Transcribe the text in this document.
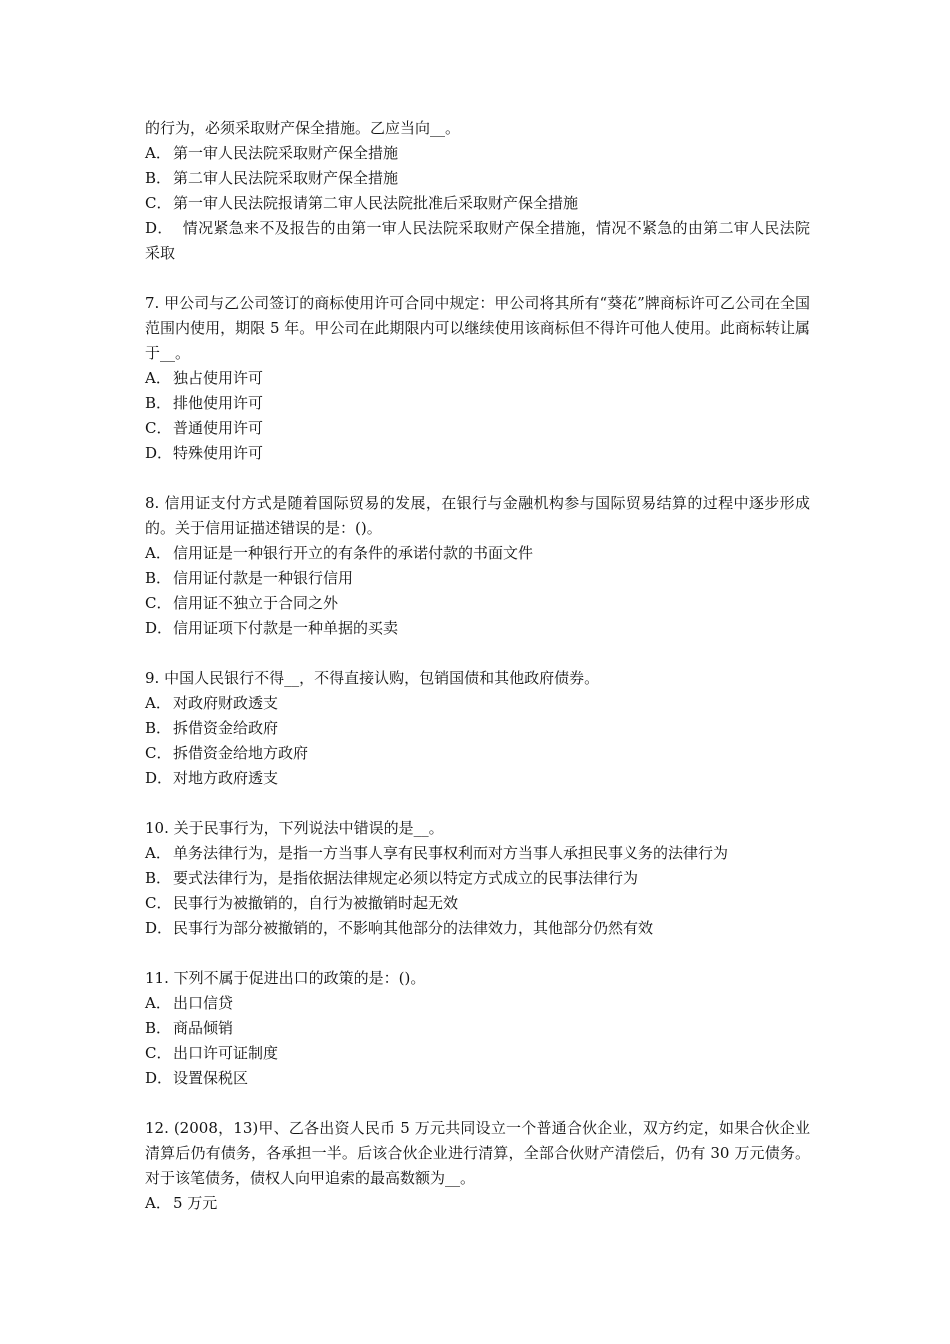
的行为，必须采取财产保全措施。乙应当向__。

A． 第一审人民法院采取财产保全措施

B． 第二审人民法院采取财产保全措施

C． 第一审人民法院报请第二审人民法院批准后采取财产保全措施

D． 情况紧急来不及报告的由第一审人民法院采取财产保全措施，情况不紧急的由第二审人民法院采取

7. 甲公司与乙公司签订的商标使用许可合同中规定：甲公司将其所有“葵花”牌商标许可乙公司在全国范围内使用，期限 5 年。甲公司在此期限内可以继续使用该商标但不得许可他人使用。此商标转让属于__。

A． 独占使用许可

B． 排他使用许可

C． 普通使用许可

D．特殊使用许可

8. 信用证支付方式是随着国际贸易的发展，在银行与金融机构参与国际贸易结算的过程中逐步形成的。关于信用证描述错误的是：()。

A． 信用证是一种银行开立的有条件的承诺付款的书面文件

B． 信用证付款是一种银行信用

C． 信用证不独立于合同之外

D．信用证项下付款是一种单据的买卖

9. 中国人民银行不得__，不得直接认购，包销国债和其他政府债券。

A． 对政府财政透支

B． 拆借资金给政府

C． 拆借资金给地方政府

D．对地方政府透支

10. 关于民事行为，下列说法中错误的是__。

A． 单务法律行为，是指一方当事人享有民事权利而对方当事人承担民事义务的法律行为

B． 要式法律行为，是指依据法律规定必须以特定方式成立的民事法律行为

C． 民事行为被撤销的，自行为被撤销时起无效

D．民事行为部分被撤销的，不影响其他部分的法律效力，其他部分仍然有效

11. 下列不属于促进出口的政策的是：()。

A． 出口信贷

B． 商品倾销

C． 出口许可证制度

D．设置保税区

12. (2008，13)甲、乙各出资人民币 5 万元共同设立一个普通合伙企业，双方约定，如果合伙企业清算后仍有债务，各承担一半。后该合伙企业进行清算，全部合伙财产清偿后，仍有 30 万元债务。对于该笔债务，债权人向甲追索的最高数额为__。

A． 5 万元
